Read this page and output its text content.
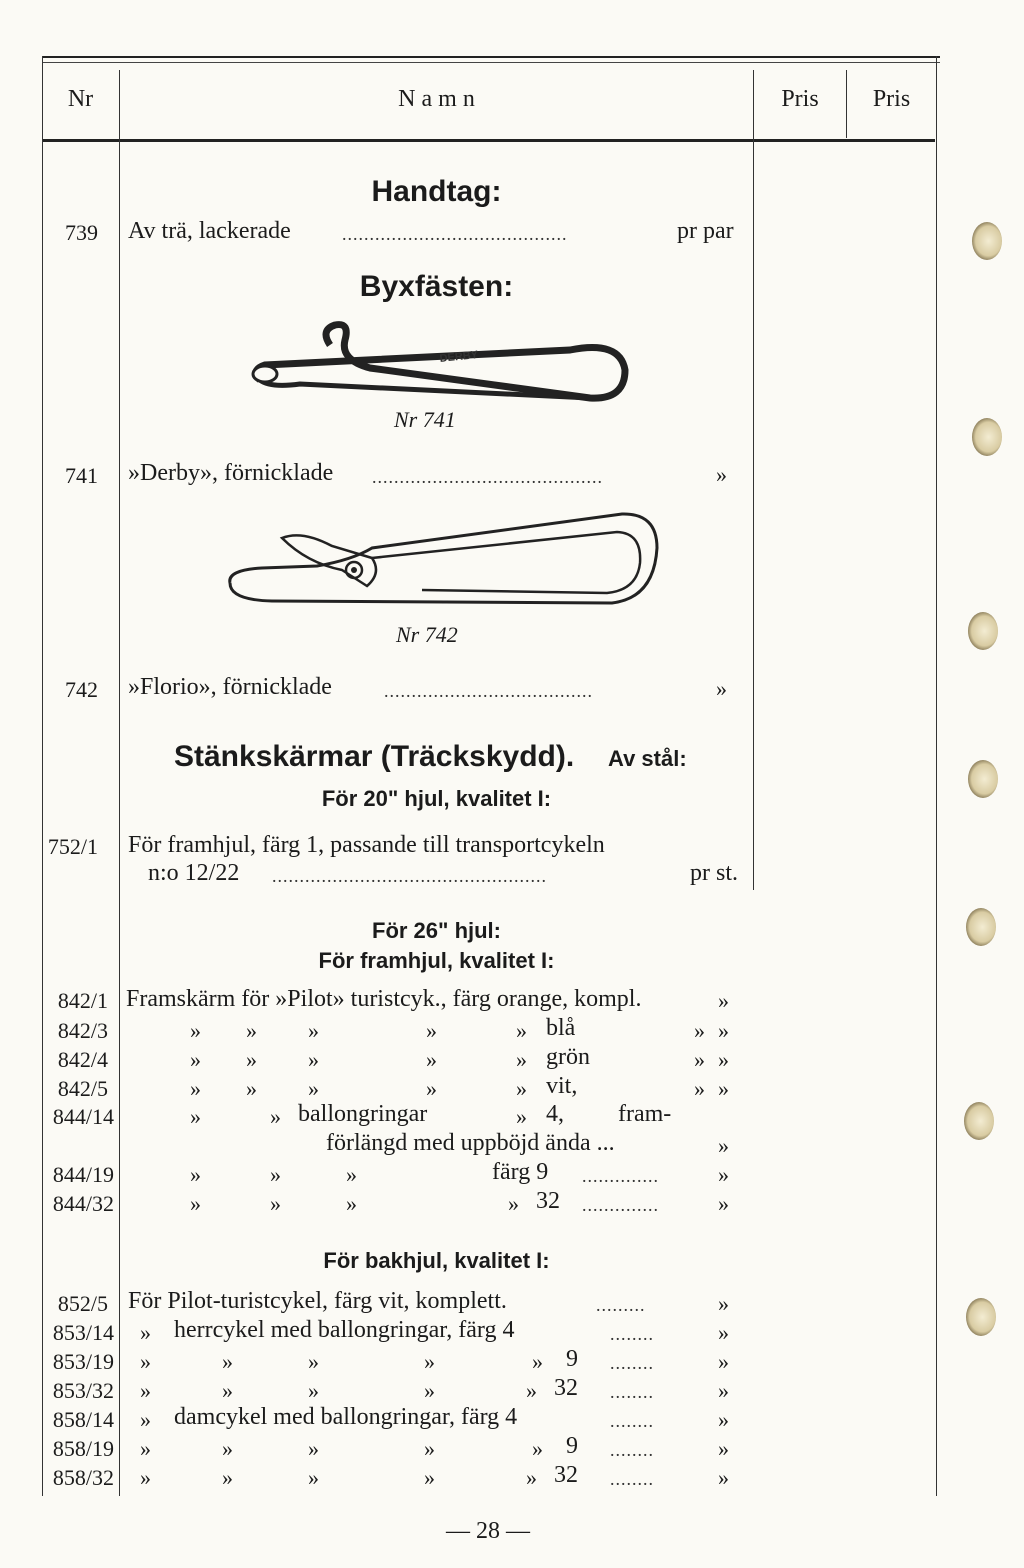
Nr	N a m n	Pris	Pris
Handtag:
739 Av trä, lackerade	.........................................	pr par
Byxfästen:
DERBY
Nr 741
741 »Derby», förnicklade ..........................................	»
Nr 742
742 »Florio», förnicklade	......................................	»
Stänkskärmar (Träckskydd). Av stål:
För 20" hjul, kvalitet I:
752/1 För framhjul, färg 1, passande till transportcykeln
n:o 12/22 ..................................................	pr st.
För 26" hjul:
För framhjul, kvalitet I:
842/1 Framskärm för »Pilot» turistcyk., färg orange, kompl.	»
842/3	» » »	»	» blå	» »
842/4	» » »	»	» grön	» »
842/5	» » »	»	» vit,	» »
844/14	»	» ballongringar	» 4, fram-
förlängd med uppböjd ända ...	»
844/19	»	»	»	färg 9 ..............	»
844/32	»	»	»	» 32 ..............	»
För bakhjul, kvalitet I:
852/5 För Pilot-turistcykel, färg vit, komplett.	.........	»
853/14 » herrcykel med ballongringar, färg 4	........	»
853/19 »	»	»	»	» 9 ........	»
853/32 »	»	»	»	» 32 ........	»
858/14 » damcykel med ballongringar, färg 4	........	»
858/19 »	»	»	»	» 9 ........	»
858/32 »	»	»	»	» 32 ........	»
— 28 —
